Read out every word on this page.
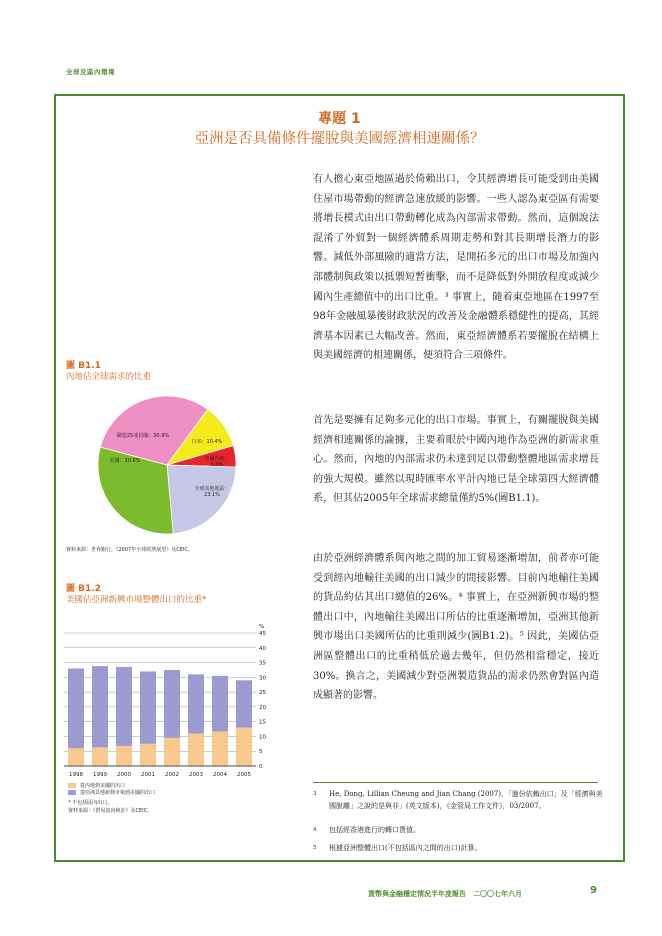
全球及區內環境
專題 1
亞洲是否具備條件擺脫與美國經濟相連關係？
有人擔心東亞地區過於倚賴出口，令其經濟增長可能受到由美國住屋市場帶動的經濟急速放緩的影響。一些人認為東亞區有需要將增長模式由出口帶動轉化成為內部需求帶動。然而，這個說法混淆了外貿對一個經濟體系周期走勢和對其長期增長潛力的影響。減低外部風險的適當方法，是開拓多元的出口市場及加強內部體制與政策以抵禦短暫衝擊，而不是降低對外開放程度或減少國內生產總值中的出口比重。³ 事實上，隨着東亞地區在1997至98年金融風暴後財政狀況的改善及金融體系穩健性的提高，其經濟基本因素已大幅改善。然而，東亞經濟體系若要擺脫在結構上與美國經濟的相連關係，便須符合三項條件。
首先是要擁有足夠多元化的出口市場。事實上，有關擺脫與美國經濟相連關係的論據，主要着眼於中國內地作為亞洲的新需求重心。然而，內地的內部需求仍未達到足以帶動整體地區需求增長的強大規模。雖然以現時匯率水平計內地已是全球第四大經濟體系，但其佔2005年全球需求總量僅約5%(圖B1.1)。
由於亞洲經濟體系與內地之間的加工貿易逐漸增加，前者亦可能受到經內地輸往美國的出口減少的間接影響。目前內地輸往美國的貨品約佔其出口總值的26%。⁴ 事實上，在亞洲新興市場的整體出口中，內地輸往美國出口所佔的比重逐漸增加，亞洲其他新興市場出口美國所佔的比重則減少(圖B1.2)。⁵ 因此，美國佔亞洲區整體出口的比重稍低於過去幾年，但仍然相當穩定，接近30%。換言之，美國減少對亞洲製造貨品的需求仍然會對區內造成顯著的影響。
圖 B1.1
內地佔全球需求的比重
歐盟25成員國：30.9%
日本：10.4%
中國內地： 5.0%
全球其他地區： 23.1%
美國：30.6%
資料來源：世界銀行，《2007年全球經濟展望》及CEIC。
圖 B1.2
美國佔亞洲新興市場整體出口的比重*
%
0
5
10
15
20
25
30
35
40
45
1998 1999 2000 2001 2002 2003 2004 2005
從內地到美國的出口
從亞洲其他新興市場到美國的出口
* 不包括區內出口。
資料來源：《貿易流向統計》及CEIC。
3 He, Dong, Lillian Cheung and Jian Chang (2007)，「過份依賴出口」及「經濟與美國脫離」之說的是與非」(英文版本)，《金管局工作文件》，03/2007。
4 包括經香港進行的轉口貨值。
5 根據亞洲整體出口(不包括區內之間的出口)計算。
貨幣與金融穩定情況半年度報告　二〇〇七年六月	9
